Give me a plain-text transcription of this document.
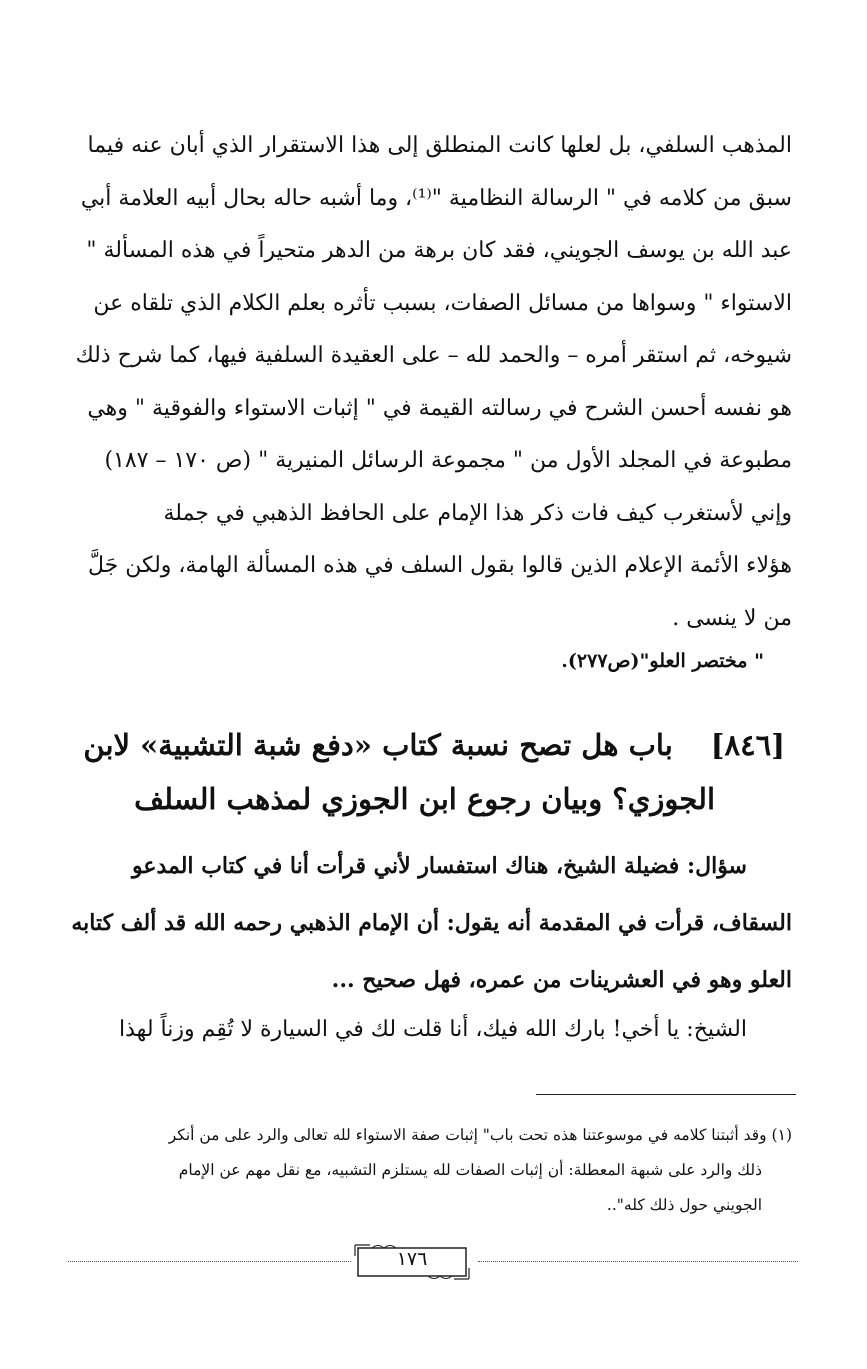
المذهب السلفي، بل لعلها كانت المنطلق إلى هذا الاستقرار الذي أبان عنه فيما
سبق من كلامه في " الرسالة النظامية "⁽¹⁾، وما أشبه حاله بحال أبيه العلامة أبي
عبد الله بن يوسف الجويني، فقد كان برهة من الدهر متحيراً في هذه المسألة "
الاستواء " وسواها من مسائل الصفات، بسبب تأثره بعلم الكلام الذي تلقاه عن
شيوخه، ثم استقر أمره – والحمد لله – على العقيدة السلفية فيها، كما شرح ذلك
هو نفسه أحسن الشرح في رسالته القيمة في " إثبات الاستواء والفوقية " وهي
مطبوعة في المجلد الأول من " مجموعة الرسائل المنيرية " (ص ١٧٠ – ١٨٧)
وإني لأستغرب كيف فات ذكر هذا الإمام على الحافظ الذهبي في جملة
هؤلاء الأئمة الإعلام الذين قالوا بقول السلف في هذه المسألة الهامة، ولكن جَلَّ
من لا ينسى .
" مختصر العلو"(ص٢٧٧).
[٨٤٦]باب هل تصح نسبة كتاب «دفع شبة التشبية» لابن
الجوزي؟ وبيان رجوع ابن الجوزي لمذهب السلف
سؤال: فضيلة الشيخ، هناك استفسار لأني قرأت أنا في كتاب المدعو
السقاف، قرأت في المقدمة أنه يقول: أن الإمام الذهبي رحمه الله قد ألف كتابه
العلو وهو في العشرينات من عمره، فهل صحيح ...
الشيخ: يا أخي! بارك الله فيك، أنا قلت لك في السيارة لا تُقِم وزناً لهذا
(١) وقد أثبتنا كلامه في موسوعتنا هذه تحت باب" إثبات صفة الاستواء لله تعالى والرد على من أنكر
ذلك والرد على شبهة المعطلة: أن إثبات الصفات لله يستلزم التشبيه، مع نقل مهم عن الإمام
الجويني حول ذلك كله"..
١٧٦
